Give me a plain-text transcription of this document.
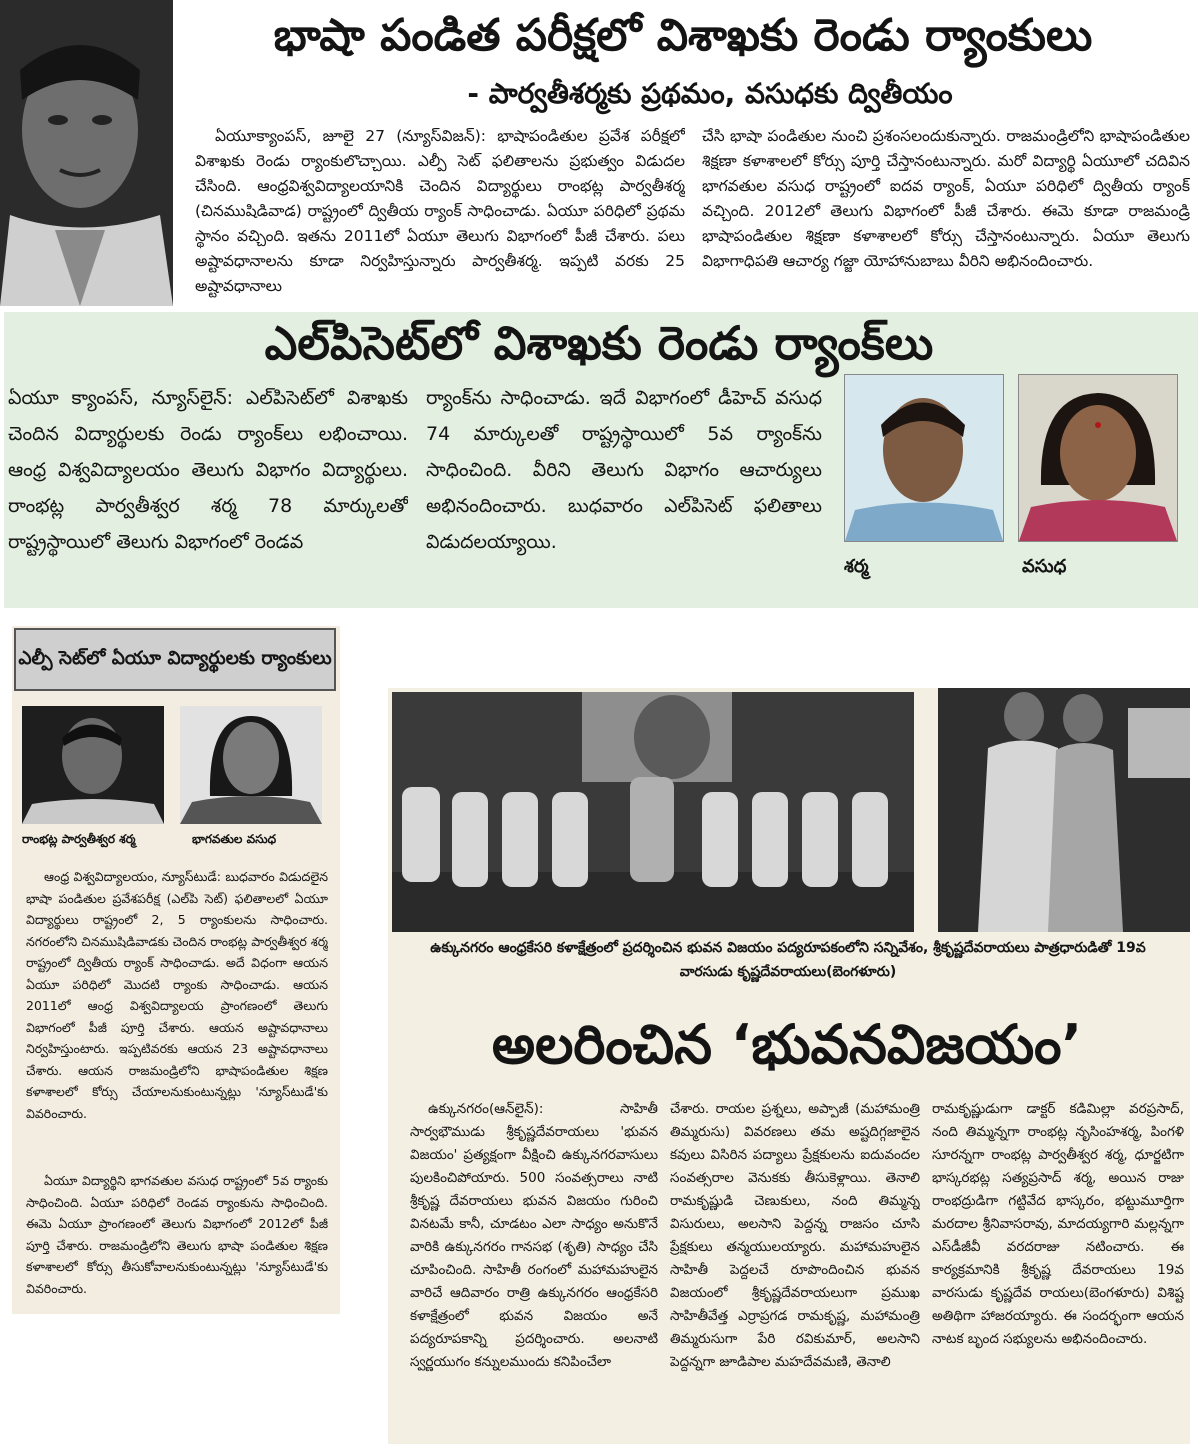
భాషా పండిత పరీక్షలో విశాఖకు రెండు ర్యాంకులు
- పార్వతీశర్మకు ప్రథమం, వసుధకు ద్వితీయం
ఏయూక్యాంపస్, జూలై 27 (న్యూస్‌విజన్): భాషాపండితుల ప్రవేశ పరీక్షలో విశాఖకు రెండు ర్యాంకులొచ్చాయి. ఎల్పీ సెట్ ఫలితాలను ప్రభుత్వం విడుదల చేసింది. ఆంధ్రవిశ్వవిద్యాలయానికి చెందిన విద్యార్థులు రాంభట్ల పార్వతీశర్మ (చినముషిడివాడ) రాష్ట్రంలో ద్వితీయ ర్యాంక్ సాధించాడు. ఏయూ పరిధిలో ప్రథమ స్థానం వచ్చింది. ఇతను 2011లో ఏయూ తెలుగు విభాగంలో పీజీ చేశారు. పలు అష్టావధానాలను కూడా నిర్వహిస్తున్నారు పార్వతీశర్మ. ఇప్పటి వరకు 25 అష్టావధానాలు
చేసి భాషా పండితుల నుంచి ప్రశంసలందుకున్నారు. రాజమండ్రిలోని భాషాపండితుల శిక్షణా కళాశాలలో కోర్సు పూర్తి చేస్తానంటున్నారు. మరో విద్యార్థి ఏయూలో చదివిన భాగవతుల వసుధ రాష్ట్రంలో ఐదవ ర్యాంక్, ఏయూ పరిధిలో ద్వితీయ ర్యాంక్ వచ్చింది. 2012లో తెలుగు విభాగంలో పీజీ చేశారు. ఈమె కూడా రాజమండ్రి భాషాపండితుల శిక్షణా కళాశాలలో కోర్సు చేస్తానంటున్నారు. ఏయూ తెలుగు విభాగాధిపతి ఆచార్య గజ్జా యోహానుబాబు వీరిని అభినందించారు.
ఎల్‌పిసెట్‌లో విశాఖకు రెండు ర్యాంక్‌లు
ఏయూ క్యాంపస్, న్యూస్‌లైన్: ఎల్‌పిసెట్‌లో విశాఖకు చెందిన విద్యార్థులకు రెండు ర్యాంక్‌లు లభించాయి. ఆంధ్ర విశ్వవిద్యాలయం తెలుగు విభాగం విద్యార్థులు. రాంభట్ల పార్వతీశ్వర శర్మ 78 మార్కులతో రాష్ట్రస్థాయిలో తెలుగు విభాగంలో రెండవ
ర్యాంక్‌ను సాధించాడు. ఇదే విభాగంలో డీహెచ్ వసుధ 74 మార్కులతో రాష్ట్రస్థాయిలో 5వ ర్యాంక్‌ను సాధించింది. వీరిని తెలుగు విభాగం ఆచార్యులు అభినందించారు. బుధవారం ఎల్‌పిసెట్ ఫలితాలు విడుదలయ్యాయి.
శర్మ	వసుధ
ఎల్పీ సెట్‌లో ఏయూ విద్యార్థులకు ర్యాంకులు
రాంభట్ల పార్వతీశ్వర శర్మ	భాగవతుల వసుధ
ఆంధ్ర విశ్వవిద్యాలయం, న్యూస్‌టుడే: బుధవారం విడుదలైన భాషా పండితుల ప్రవేశపరీక్ష (ఎల్‌పి సెట్) ఫలితాలలో ఏయూ విద్యార్థులు రాష్ట్రంలో 2, 5 ర్యాంకులను సాధించారు. నగరంలోని చినముషిడివాడకు చెందిన రాంభట్ల పార్వతీశ్వర శర్మ రాష్ట్రంలో ద్వితీయ ర్యాంక్ సాధించాడు. అదే విధంగా ఆయన ఏయూ పరిధిలో మొదటి ర్యాంకు సాధించాడు. ఆయన 2011లో ఆంధ్ర విశ్వవిద్యాలయ ప్రాంగణంలో తెలుగు విభాగంలో పీజీ పూర్తి చేశారు. ఆయన అష్టావధానాలు నిర్వహిస్తుంటారు. ఇప్పటివరకు ఆయన 23 అష్టావధానాలు చేశారు. ఆయన రాజమండ్రిలోని భాషాపండితుల శిక్షణ కళాశాలలో కోర్సు చేయాలనుకుంటున్నట్లు 'న్యూస్‌టుడే'కు వివరించారు.
ఏయూ విద్యార్థిని భాగవతుల వసుధ రాష్ట్రంలో 5వ ర్యాంకు సాధించింది. ఏయూ పరిధిలో రెండవ ర్యాంకును సాధించింది. ఈమె ఏయూ ప్రాంగణంలో తెలుగు విభాగంలో 2012లో పీజీ పూర్తి చేశారు. రాజమండ్రిలోని తెలుగు భాషా పండితుల శిక్షణ కళాశాలలో కోర్సు తీసుకోవాలనుకుంటున్నట్లు 'న్యూస్‌టుడే'కు వివరించారు.
ఉక్కునగరం ఆంధ్రకేసరి కళాక్షేత్రంలో ప్రదర్శించిన భువన విజయం పద్యరూపకంలోని సన్నివేశం, శ్రీకృష్ణదేవరాయలు పాత్రధారుడితో 19వ వారసుడు కృష్ణదేవరాయలు(బెంగళూరు)
అలరించిన ‘భువనవిజయం’
ఉక్కునగరం(ఆన్‌లైన్): సాహితీ సార్వభౌముడు శ్రీకృష్ణదేవరాయలు 'భువన విజయం' ప్రత్యక్షంగా వీక్షించి ఉక్కునగరవాసులు పులకించిపోయారు. 500 సంవత్సరాలు నాటి శ్రీకృష్ణ దేవరాయలు భువన విజయం గురించి వినటమే కానీ, చూడటం ఎలా సాధ్యం అనుకొనే వారికి ఉక్కునగరం గానసభ (శృతి) సాధ్యం చేసి చూపించింది. సాహితీ రంగంలో మహామహులైన వారిచే ఆదివారం రాత్రి ఉక్కునగరం ఆంధ్రకేసరి కళాక్షేత్రంలో భువన విజయం అనే పద్యరూపకాన్ని ప్రదర్శించారు. అలనాటి స్వర్ణయుగం కన్నులముందు కనిపించేలా
చేశారు. రాయల ప్రశ్నలు, అప్పాజీ (మహామంత్రి తిమ్మరుసు) వివరణలు తమ అష్టదిగ్గజాలైన కవులు విసిరిన పద్యాలు ప్రేక్షకులను ఐదువందల సంవత్సరాల వెనుకకు తీసుకెళ్లాయి. తెనాలి రామకృష్ణుడి చెణుకులు, నంది తిమ్మన్న విసురులు, అలసాని పెద్దన్న రాజసం చూసి ప్రేక్షకులు తన్మయులయ్యారు. మహామహులైన సాహితీ పెద్దలచే రూపొందించిన భువన విజయంలో శ్రీకృష్ణదేవరాయలుగా ప్రముఖ సాహితీవేత్త ఎర్రాప్రగడ రామకృష్ణ, మహామంత్రి తిమ్మరుసుగా పేరి రవికుమార్, అలసాని పెద్దన్నగా జూడిపాల మహదేవమణి, తెనాలి
రామకృష్ణుడుగా డాక్టర్ కడిమిల్లా వరప్రసాద్, నంది తిమ్మన్నగా రాంభట్ల నృసింహశర్మ, పింగళి సూరన్నగా రాంభట్ల పార్వతీశ్వర శర్మ, ధూర్జటిగా భాస్కరభట్ల సత్యప్రసాద్ శర్మ, అయిన రాజు రాంభద్రుడిగా గట్టివేద భాస్కరం, భట్టుమూర్తిగా మరదాల శ్రీనివాసరావు, మాదయ్యగారి మల్లన్నగా ఎస్‌డీజీవీ వరదరాజు నటించారు. ఈ కార్యక్రమానికి శ్రీకృష్ణ దేవరాయలు 19వ వారసుడు కృష్ణదేవ రాయలు(బెంగళూరు) విశిష్ట అతిథిగా హాజరయ్యారు. ఈ సందర్భంగా ఆయన నాటక బృంద సభ్యులను అభినందించారు.
